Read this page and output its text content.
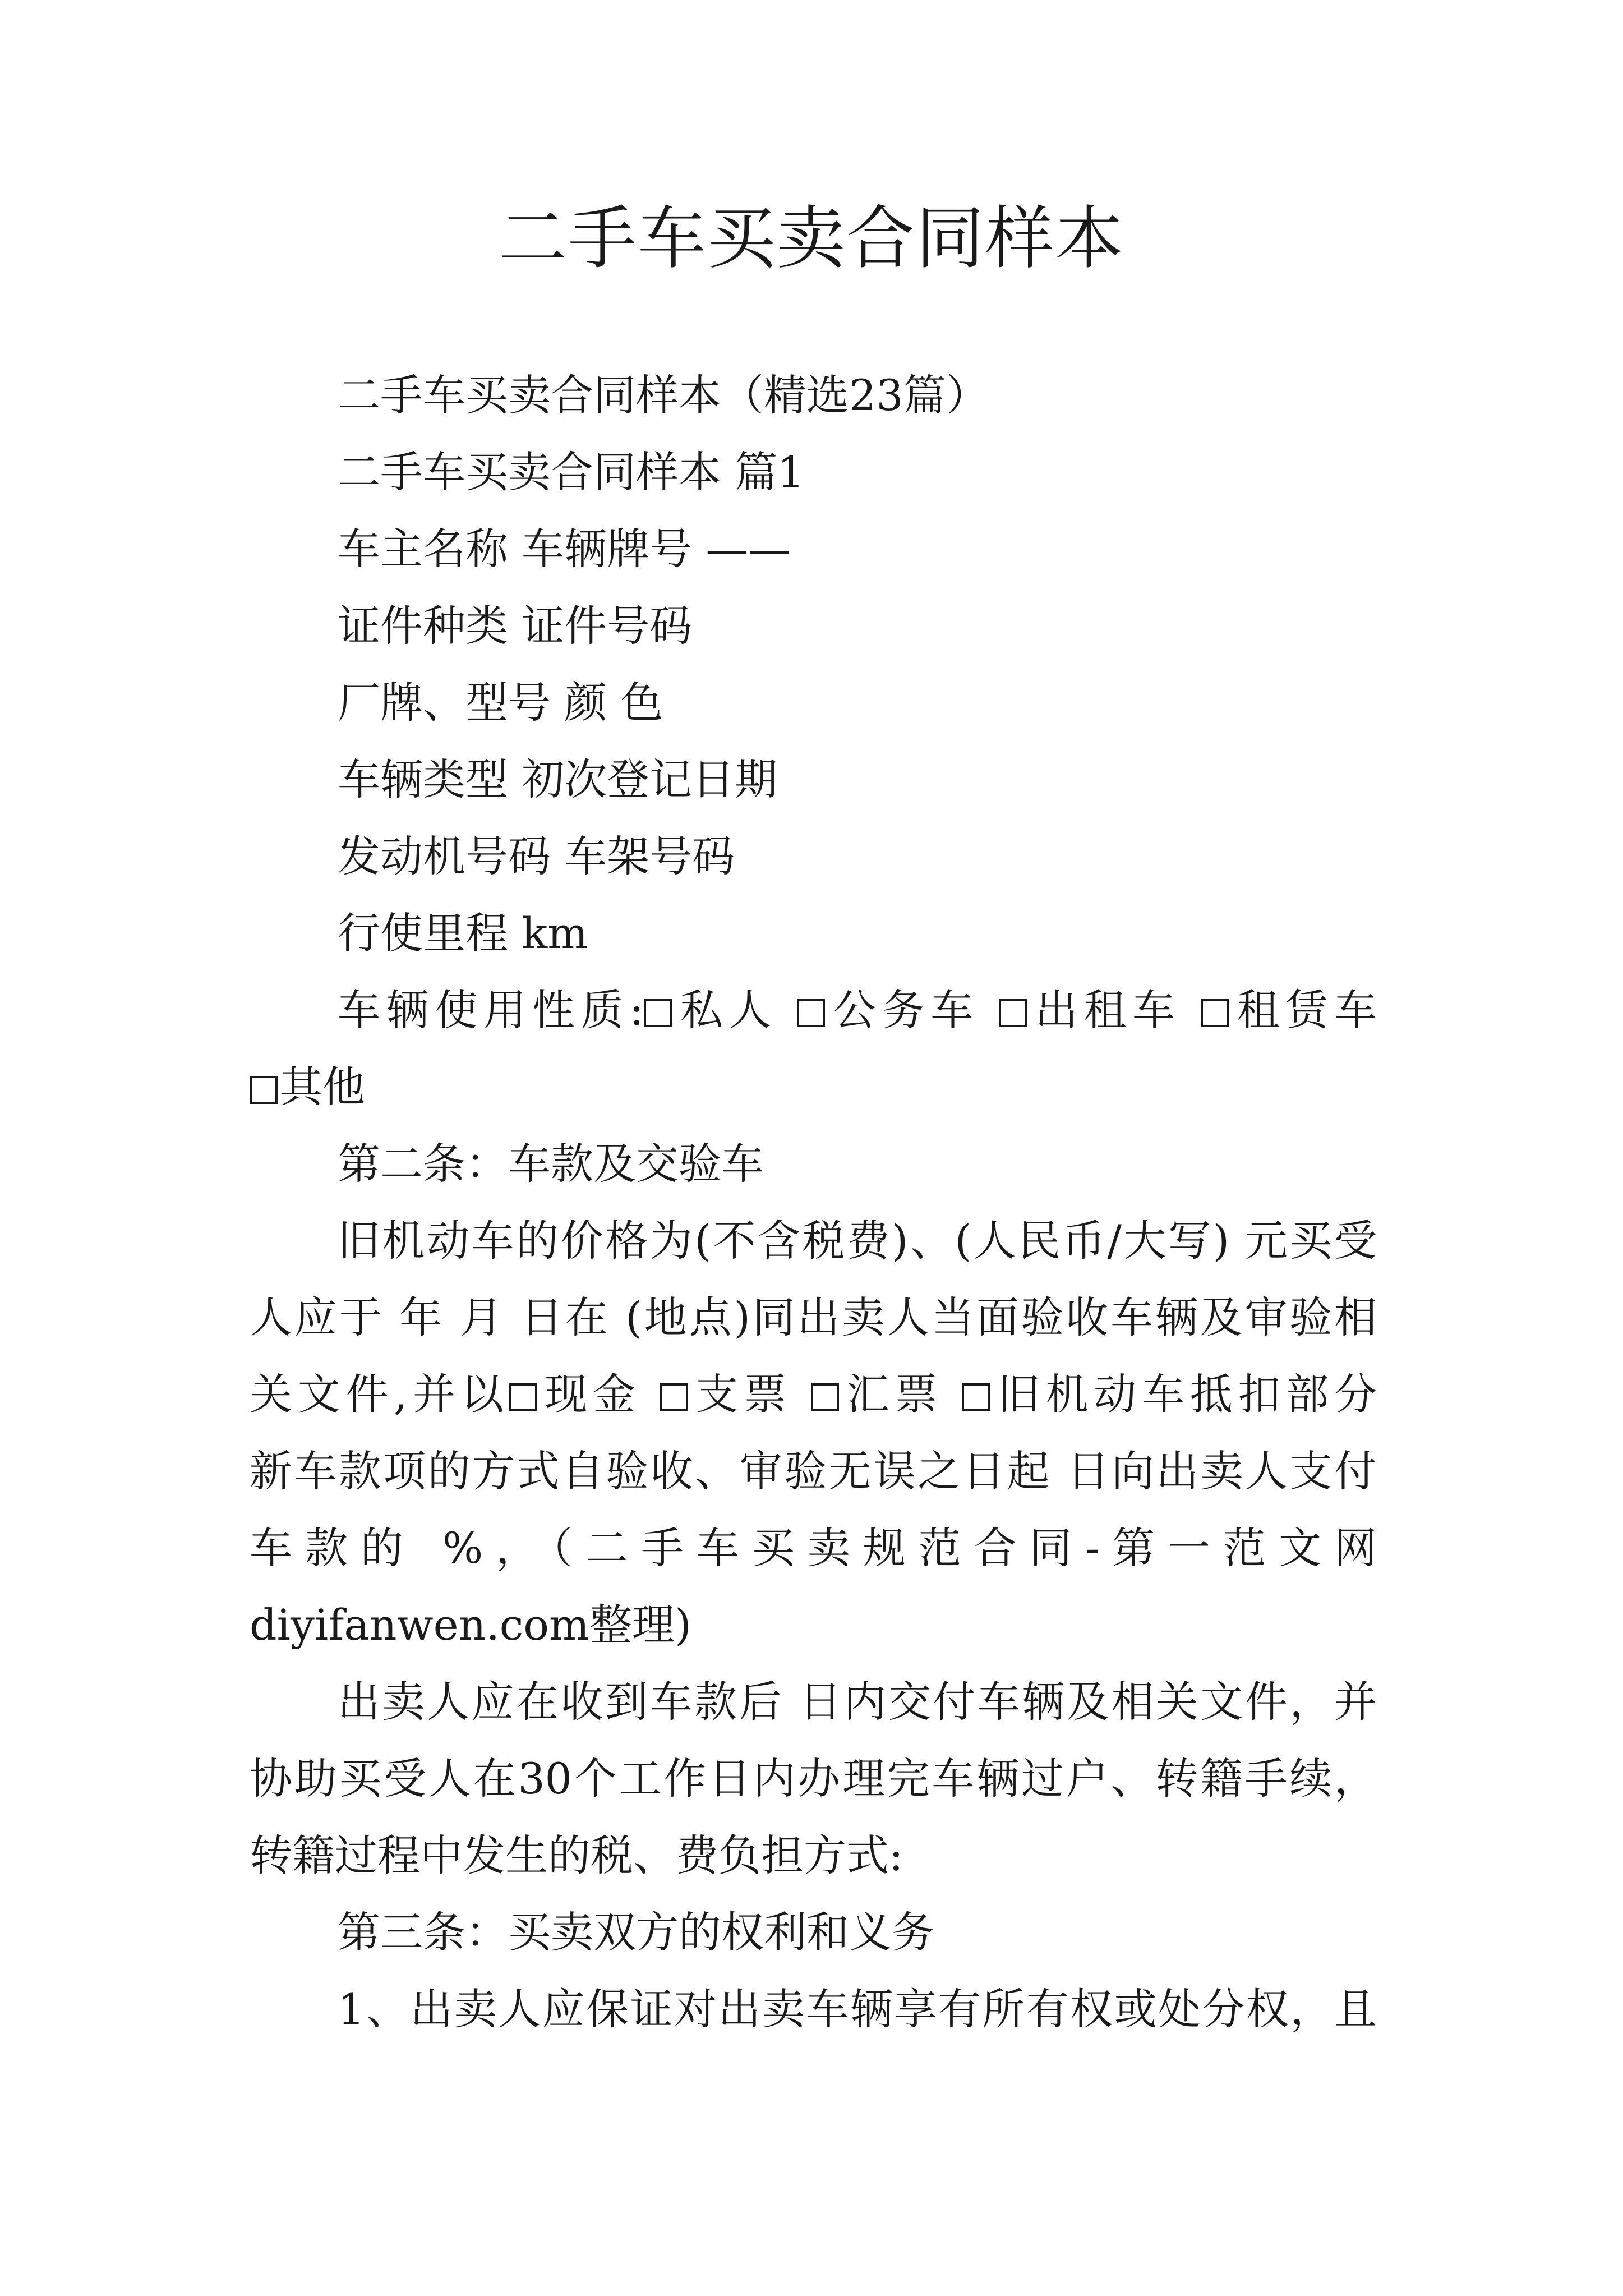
二手车买卖合同样本
二手车买卖合同样本（精选23篇）
二手车买卖合同样本 篇1
车主名称 车辆牌号 ——
证件种类 证件号码
厂牌、型号 颜 色
车辆类型 初次登记日期
发动机号码 车架号码
行使里程 km
车辆使用性质: 私人 公务车 出租车 租赁车
其他
第二条：车款及交验车
旧机动车的价格为(不含税费)、(人民币/大写) 元买受
人应于 年 月 日在 (地点)同出卖人当面验收车辆及审验相
关文件,并以 现金 支票 汇票 旧机动车抵扣部分
新车款项的方式自验收、审验无误之日起 日向出卖人支付
车款的 %，（二手车买卖规范合同-第一范文网
diyifanwen.com整理)
出卖人应在收到车款后 日内交付车辆及相关文件，并
协助买受人在30个工作日内办理完车辆过户、转籍手续，
转籍过程中发生的税、费负担方式:
第三条：买卖双方的权利和义务
1、出卖人应保证对出卖车辆享有所有权或处分权，且
